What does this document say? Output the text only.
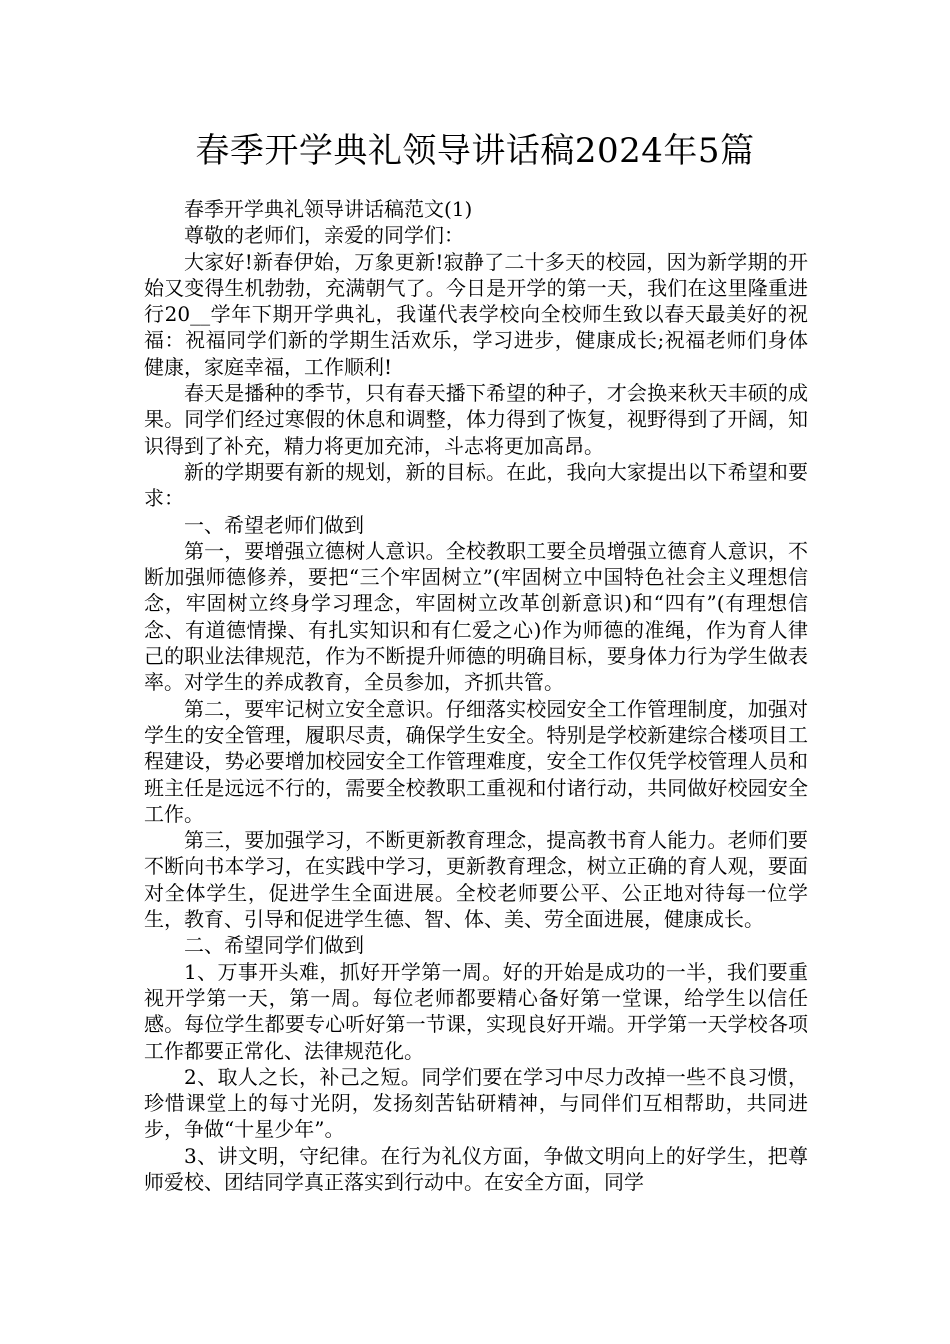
春季开学典礼领导讲话稿2024年5篇

春季开学典礼领导讲话稿范文(1)

尊敬的老师们，亲爱的同学们：

大家好!新春伊始，万象更新!寂静了二十多天的校园，因为新学期的开始又变得生机勃勃，充满朝气了。今日是开学的第一天，我们在这里隆重进行20__学年下期开学典礼，我谨代表学校向全校师生致以春天最美好的祝福：祝福同学们新的学期生活欢乐，学习进步，健康成长;祝福老师们身体健康，家庭幸福，工作顺利!

春天是播种的季节，只有春天播下希望的种子，才会换来秋天丰硕的成果。同学们经过寒假的休息和调整，体力得到了恢复，视野得到了开阔，知识得到了补充，精力将更加充沛，斗志将更加高昂。

新的学期要有新的规划，新的目标。在此，我向大家提出以下希望和要求：

一、希望老师们做到

第一，要增强立德树人意识。全校教职工要全员增强立德育人意识，不断加强师德修养，要把“三个牢固树立”(牢固树立中国特色社会主义理想信念，牢固树立终身学习理念，牢固树立改革创新意识)和“四有”(有理想信念、有道德情操、有扎实知识和有仁爱之心)作为师德的准绳，作为育人律己的职业法律规范，作为不断提升师德的明确目标，要身体力行为学生做表率。对学生的养成教育，全员参加，齐抓共管。

第二，要牢记树立安全意识。仔细落实校园安全工作管理制度，加强对学生的安全管理，履职尽责，确保学生安全。特别是学校新建综合楼项目工程建设，势必要增加校园安全工作管理难度，安全工作仅凭学校管理人员和班主任是远远不行的，需要全校教职工重视和付诸行动，共同做好校园安全工作。

第三，要加强学习，不断更新教育理念，提高教书育人能力。老师们要不断向书本学习，在实践中学习，更新教育理念，树立正确的育人观，要面对全体学生，促进学生全面进展。全校老师要公平、公正地对待每一位学生，教育、引导和促进学生德、智、体、美、劳全面进展，健康成长。

二、希望同学们做到

1、万事开头难，抓好开学第一周。好的开始是成功的一半，我们要重视开学第一天，第一周。每位老师都要精心备好第一堂课，给学生以信任感。每位学生都要专心听好第一节课，实现良好开端。开学第一天学校各项工作都要正常化、法律规范化。

2、取人之长，补己之短。同学们要在学习中尽力改掉一些不良习惯，珍惜课堂上的每寸光阴，发扬刻苦钻研精神，与同伴们互相帮助，共同进步，争做“十星少年”。

3、讲文明，守纪律。在行为礼仪方面，争做文明向上的好学生，把尊师爱校、团结同学真正落实到行动中。在安全方面，同学
